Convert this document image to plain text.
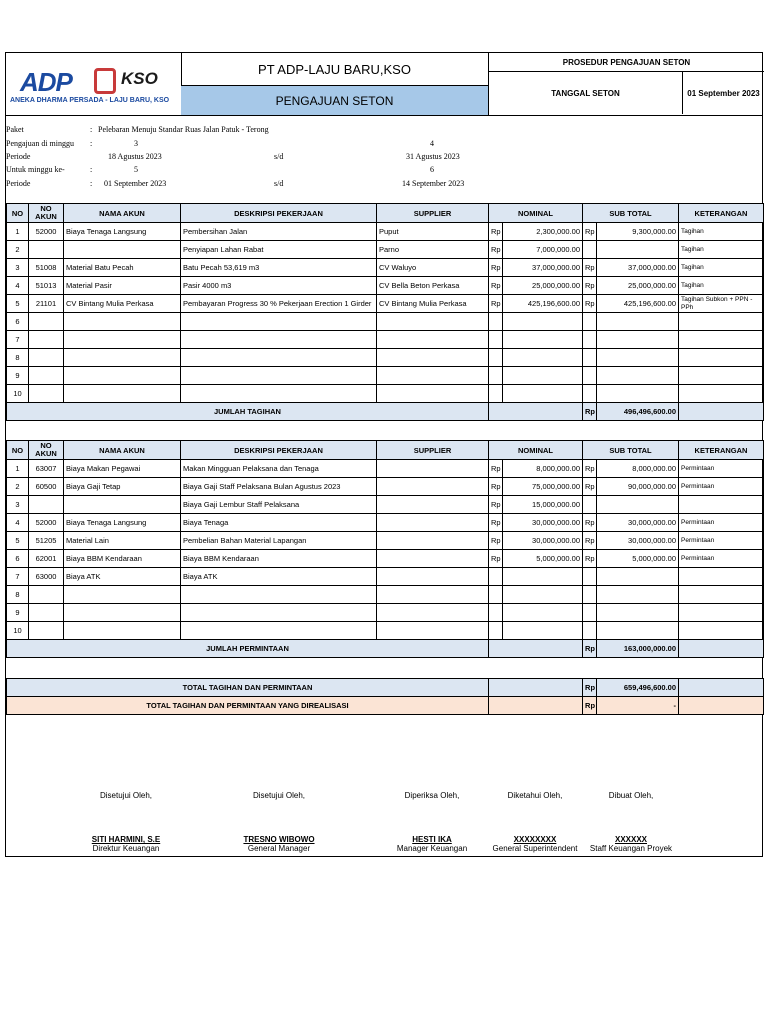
ADP	KSO
ANEKA DHARMA PERSADA - LAJU BARU, KSO
PT ADP-LAJU BARU,KSO
PENGAJUAN SETON
PROSEDUR PENGAJUAN SETON
TANGGAL SETON	01 September 2023
Paket	: Pelebaran Menuju Standar Ruas Jalan Patuk - Terong
Pengajuan di minggu :	3	4
Periode	18 Agustus 2023	s/d	31 Agustus 2023
Untuk minggu ke-	:	5	6
Periode	: 01 September 2023	s/d	14 September 2023
NO	NO AKUN	NAMA AKUN	DESKRIPSI PEKERJAAN	SUPPLIER	NOMINAL		SUB TOTAL		KETERANGAN
1	52000	Biaya Tenaga Langsung	Pembersihan Jalan	Puput	Rp	2,300,000.00	Rp	9,300,000.00	Tagihan
2			Penyiapan Lahan Rabat	Parno	Rp	7,000,000.00			Tagihan
3	51008	Material Batu Pecah	Batu Pecah 53,619 m3	CV Waluyo	Rp	37,000,000.00	Rp	37,000,000.00	Tagihan
4	51013	Material Pasir	Pasir 4000 m3	CV Bella Beton Perkasa	Rp	25,000,000.00	Rp	25,000,000.00	Tagihan
5	21101	CV Bintang Mulia Perkasa	Pembayaran Progress 30 % Pekerjaan Erection 1 Girder	CV Bintang Mulia Perkasa	Rp	425,196,600.00	Rp	425,196,600.00	Tagihan Subkon + PPN - PPh
6									
7									
8									
9									
10									
JUMLAH TAGIHAN							Rp	496,496,600.00	
NO	NO AKUN	NAMA AKUN	DESKRIPSI PEKERJAAN	SUPPLIER	NOMINAL		SUB TOTAL		KETERANGAN
1	63007	Biaya Makan Pegawai	Makan Mingguan Pelaksana dan Tenaga		Rp	8,000,000.00	Rp	8,000,000.00	Permintaan
2	60500	Biaya Gaji Tetap	Biaya Gaji Staff Pelaksana Bulan Agustus 2023		Rp	75,000,000.00	Rp	90,000,000.00	Permintaan
3			Biaya Gaji Lembur Staff Pelaksana		Rp	15,000,000.00			
4	52000	Biaya Tenaga Langsung	Biaya Tenaga		Rp	30,000,000.00	Rp	30,000,000.00	Permintaan
5	51205	Material Lain	Pembelian Bahan Material Lapangan		Rp	30,000,000.00	Rp	30,000,000.00	Permintaan
6	62001	Biaya BBM Kendaraan	Biaya BBM Kendaraan		Rp	5,000,000.00	Rp	5,000,000.00	Permintaan
7	63000	Biaya ATK	Biaya ATK						
8									
9									
10									
JUMLAH PERMINTAAN							Rp	163,000,000.00	
TOTAL TAGIHAN DAN PERMINTAAN		Rp	659,496,600.00	
TOTAL TAGIHAN DAN PERMINTAAN YANG DIREALISASI		Rp	-	
Disetujui Oleh,
SITI HARMINI, S.E
Direktur Keuangan
Disetujui Oleh,
TRESNO WIBOWO
General Manager
Diperiksa Oleh,
HESTI IKA
Manager Keuangan
Diketahui Oleh,
XXXXXXXX
General Superintendent
Dibuat Oleh,
XXXXXX
Staff Keuangan Proyek
